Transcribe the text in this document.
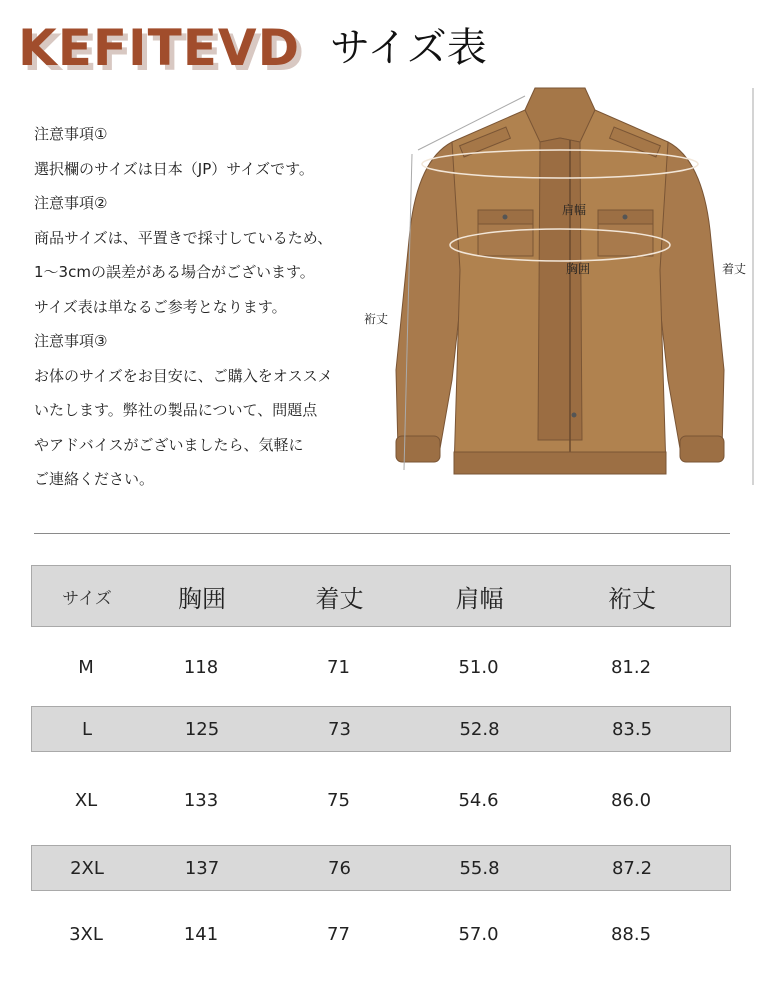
KEFITEVD サイズ表
注意事項①
選択欄のサイズは日本（JP）サイズです。
注意事項②
商品サイズは、平置きで採寸しているため、
1～3cmの誤差がある場合がございます。
サイズ表は単なるご参考となります。
注意事項③
お体のサイズをお目安に、ご購入をオススメ
いたします。弊社の製品について、問題点
やアドバイスがございましたら、気軽に
ご連絡ください。
肩幅
胸囲	着丈
裄丈
サイズ	胸囲	着丈	肩幅	裄丈
M	118	71	51.0	81.2
L	125	73	52.8	83.5
XL	133	75	54.6	86.0
2XL	137	76	55.8	87.2
3XL	141	77	57.0	88.5
